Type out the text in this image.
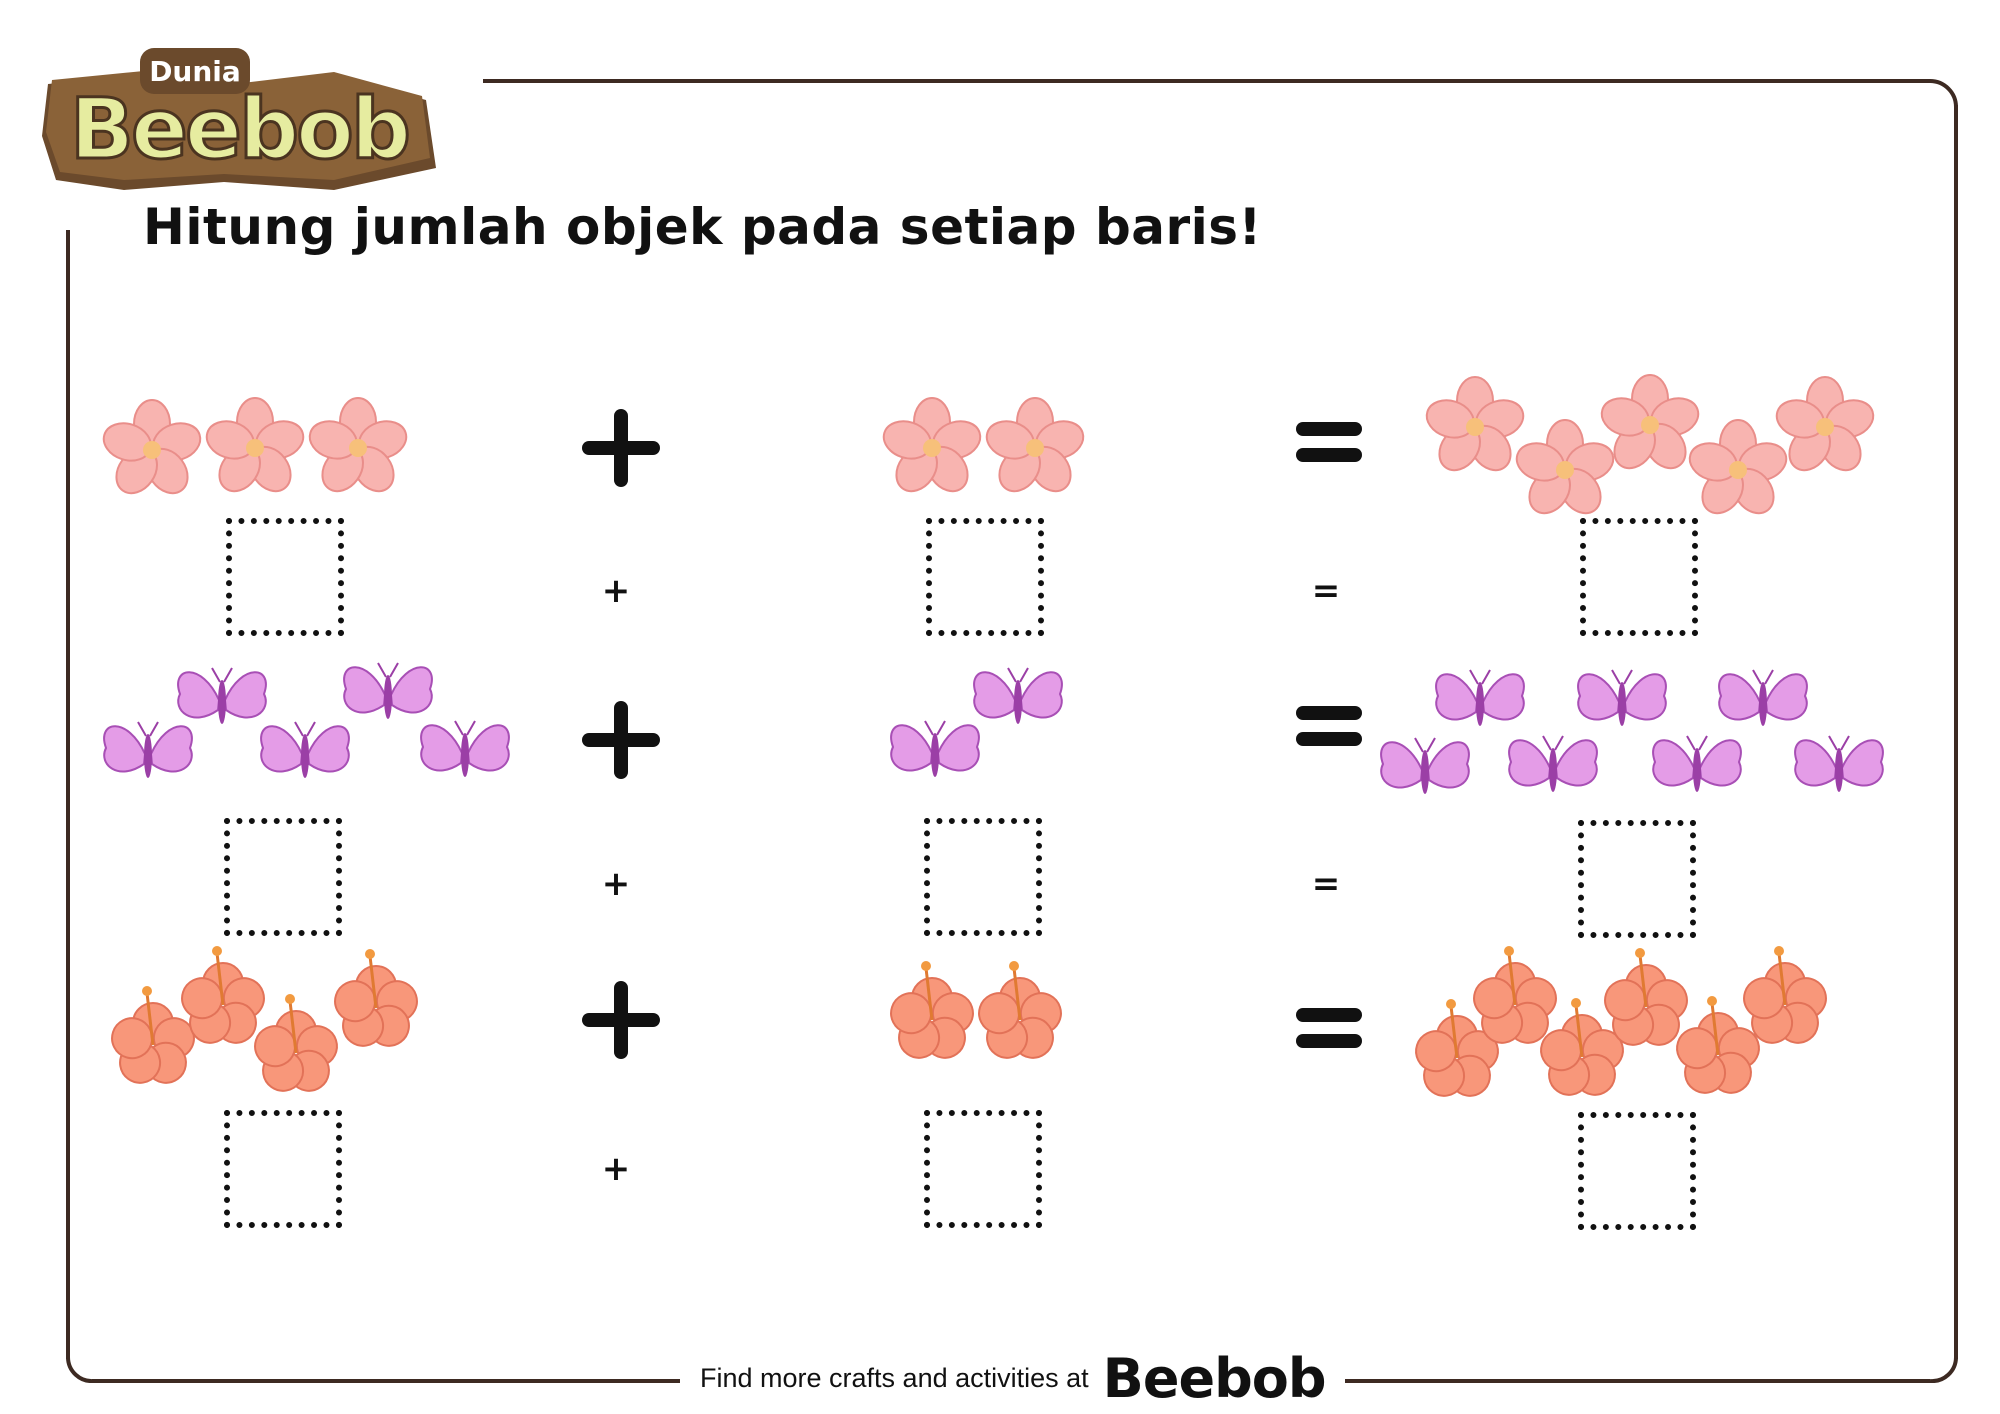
Dunia
Beebob
Hitung jumlah objek pada setiap baris!
+	=
+	=
+
Find more crafts and activities at Beebob
